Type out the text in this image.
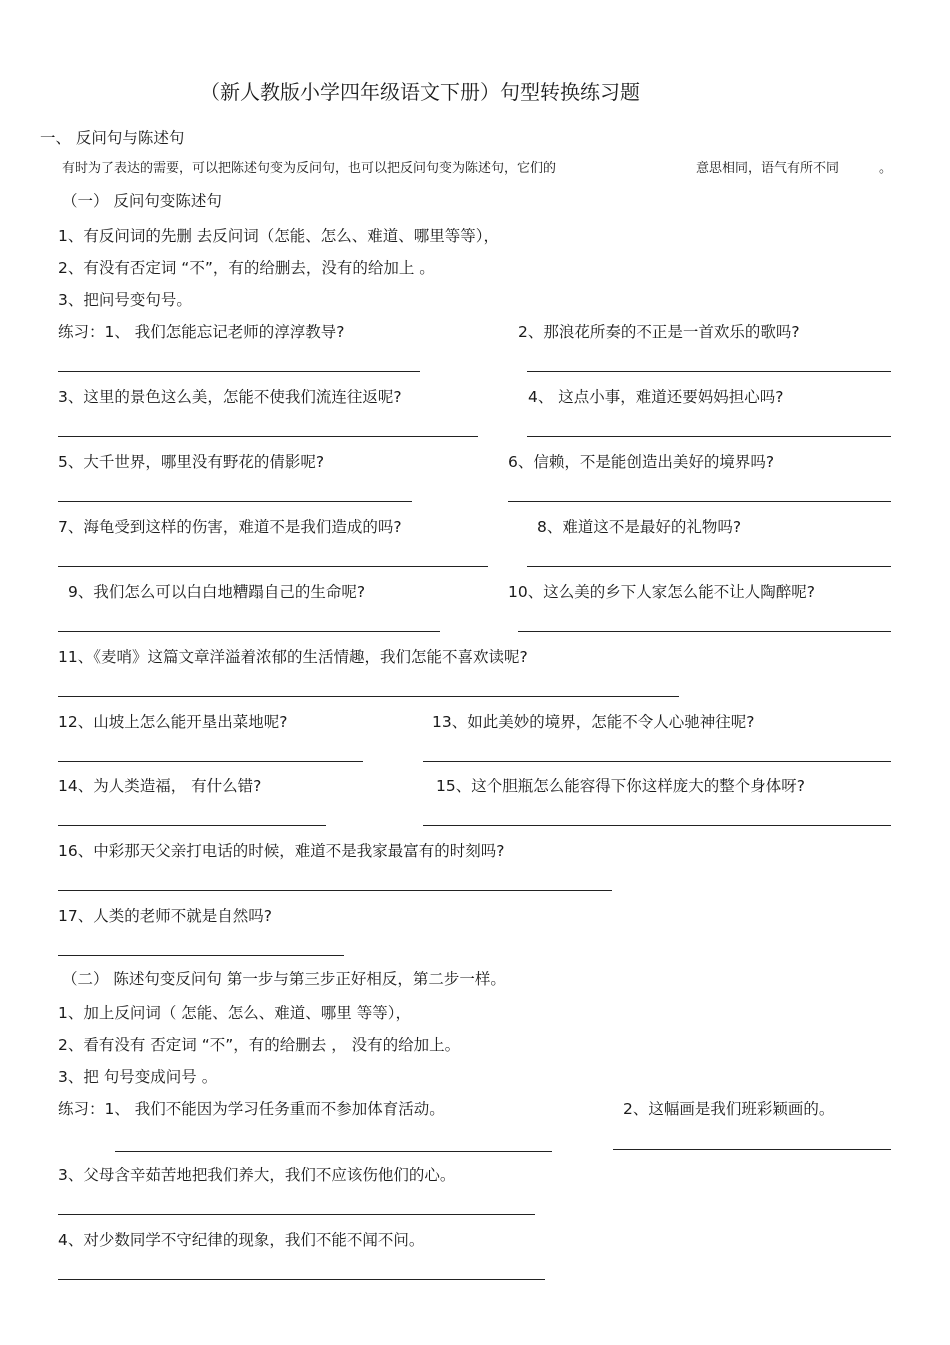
（新人教版小学四年级语文下册）句型转换练习题
一、 反问句与陈述句
有时为了表达的需要，可以把陈述句变为反问句，也可以把反问句变为陈述句，它们的	意思相同，语气有所不同	。
（一） 反问句变陈述句
1、有反问词的先删 去反问词（怎能、怎么、难道、哪里等等），
2、有没有否定词 “不”，有的给删去，没有的给加上 。
3、把问号变句号。
练习：1、 我们怎能忘记老师的淳淳教导?	2、那浪花所奏的不正是一首欢乐的歌吗?
3、这里的景色这么美，怎能不使我们流连往返呢?	4、 这点小事，难道还要妈妈担心吗?
5、大千世界，哪里没有野花的倩影呢?	6、信赖，不是能创造出美好的境界吗?
7、海龟受到这样的伤害，难道不是我们造成的吗?	8、难道这不是最好的礼物吗?
9、我们怎么可以白白地糟蹋自己的生命呢?	10、这么美的乡下人家怎么能不让人陶醉呢?
11、《麦哨》这篇文章洋溢着浓郁的生活情趣，我们怎能不喜欢读呢?
12、山坡上怎么能开垦出菜地呢?	13、如此美妙的境界，怎能不令人心驰神往呢?
14、为人类造福， 有什么错?	15、这个胆瓶怎么能容得下你这样庞大的整个身体呀?
16、中彩那天父亲打电话的时候，难道不是我家最富有的时刻吗?
17、人类的老师不就是自然吗?
（二） 陈述句变反问句 第一步与第三步正好相反，第二步一样。
1、加上反问词（ 怎能、怎么、难道、哪里 等等），
2、看有没有 否定词 “不”，有的给删去 ， 没有的给加上。
3、把 句号变成问号 。
练习：1、 我们不能因为学习任务重而不参加体育活动。	2、这幅画是我们班彩颖画的。
3、父母含辛茹苦地把我们养大，我们不应该伤他们的心。
4、对少数同学不守纪律的现象，我们不能不闻不问。
